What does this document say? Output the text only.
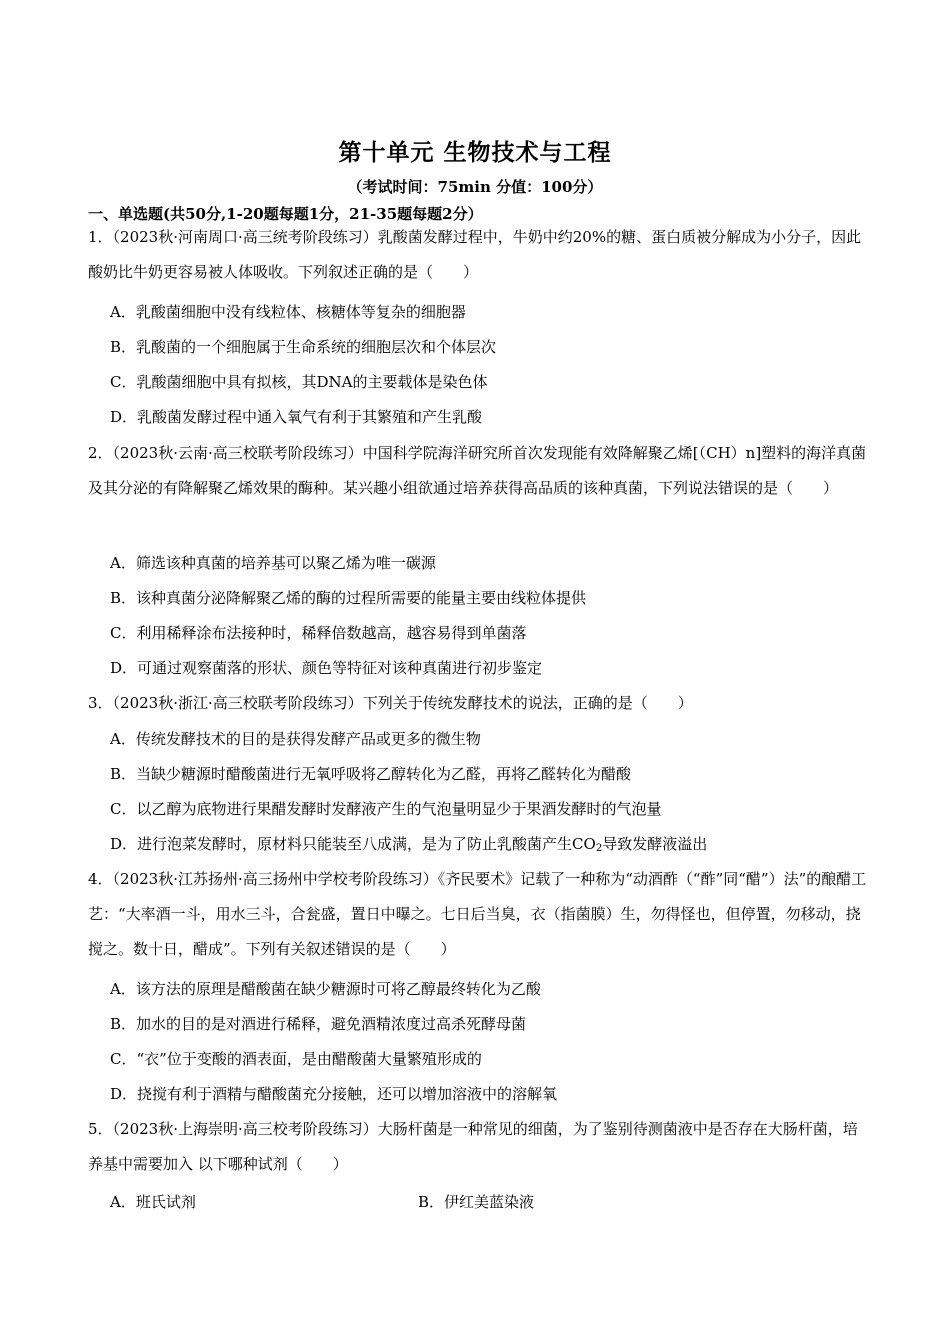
第十单元 生物技术与工程
（考试时间：75min 分值：100分）
一、单选题(共50分,1-20题每题1分，21-35题每题2分）
1．（2023秋·河南周口·高三统考阶段练习）乳酸菌发酵过程中，牛奶中约20%的糖、蛋白质被分解成为小分子，因此酸奶比牛奶更容易被人体吸收。下列叙述正确的是（　　）
A．乳酸菌细胞中没有线粒体、核糖体等复杂的细胞器
B．乳酸菌的一个细胞属于生命系统的细胞层次和个体层次
C．乳酸菌细胞中具有拟核，其DNA的主要载体是染色体
D．乳酸菌发酵过程中通入氧气有利于其繁殖和产生乳酸
2．（2023秋·云南·高三校联考阶段练习）中国科学院海洋研究所首次发现能有效降解聚乙烯[（CH）n]塑料的海洋真菌及其分泌的有降解聚乙烯效果的酶种。某兴趣小组欲通过培养获得高品质的该种真菌，下列说法错误的是（　　）
A．筛选该种真菌的培养基可以聚乙烯为唯一碳源
B．该种真菌分泌降解聚乙烯的酶的过程所需要的能量主要由线粒体提供
C．利用稀释涂布法接种时，稀释倍数越高，越容易得到单菌落
D．可通过观察菌落的形状、颜色等特征对该种真菌进行初步鉴定
3．（2023秋·浙江·高三校联考阶段练习）下列关于传统发酵技术的说法，正确的是（　　）
A．传统发酵技术的目的是获得发酵产品或更多的微生物
B．当缺少糖源时醋酸菌进行无氧呼吸将乙醇转化为乙醛，再将乙醛转化为醋酸
C．以乙醇为底物进行果醋发酵时发酵液产生的气泡量明显少于果酒发酵时的气泡量
D．进行泡菜发酵时，原材料只能装至八成满，是为了防止乳酸菌产生$CO_2$导致发酵液溢出
4．（2023秋·江苏扬州·高三扬州中学校考阶段练习）《齐民要术》记载了一种称为“动酒酢（“酢”同“醋”）法”的酿醋工艺：“大率酒一斗，用水三斗，合瓮盛，置日中曝之。七日后当臭，衣（指菌膜）生，勿得怪也，但停置，勿移动，挠搅之。数十日，醋成”。下列有关叙述错误的是（　　）
A．该方法的原理是醋酸菌在缺少糖源时可将乙醇最终转化为乙酸
B．加水的目的是对酒进行稀释，避免酒精浓度过高杀死酵母菌
C．“衣”位于变酸的酒表面，是由醋酸菌大量繁殖形成的
D．挠搅有利于酒精与醋酸菌充分接触，还可以增加溶液中的溶解氧
5．（2023秋·上海崇明·高三校考阶段练习）大肠杆菌是一种常见的细菌，为了鉴别待测菌液中是否存在大肠杆菌，培养基中需要加入 以下哪种试剂（　　）
A．班氏试剂	B．伊红美蓝染液
